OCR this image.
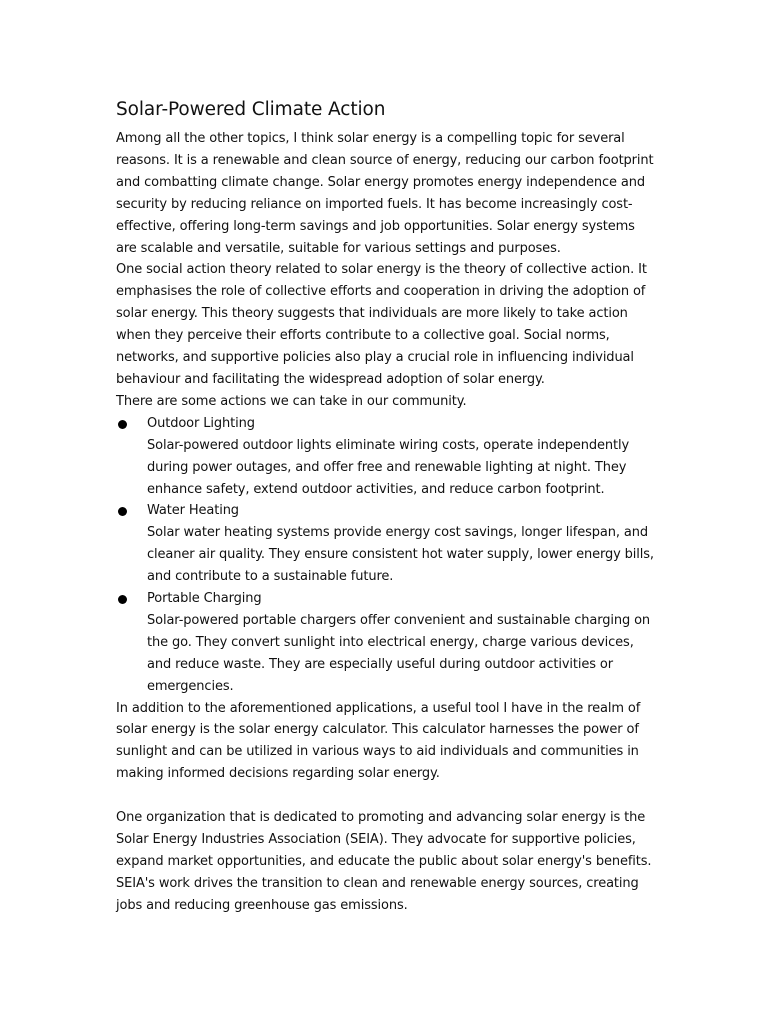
Solar-Powered Climate Action

Among all the other topics, I think solar energy is a compelling topic for several reasons. It is a renewable and clean source of energy, reducing our carbon footprint and combatting climate change. Solar energy promotes energy independence and security by reducing reliance on imported fuels. It has become increasingly cost-effective, offering long-term savings and job opportunities. Solar energy systems are scalable and versatile, suitable for various settings and purposes.

One social action theory related to solar energy is the theory of collective action. It emphasises the role of collective efforts and cooperation in driving the adoption of solar energy. This theory suggests that individuals are more likely to take action when they perceive their efforts contribute to a collective goal. Social norms, networks, and supportive policies also play a crucial role in influencing individual behaviour and facilitating the widespread adoption of solar energy.

There are some actions we can take in our community.

Outdoor Lighting

Solar-powered outdoor lights eliminate wiring costs, operate independently during power outages, and offer free and renewable lighting at night. They enhance safety, extend outdoor activities, and reduce carbon footprint.

Water Heating

Solar water heating systems provide energy cost savings, longer lifespan, and cleaner air quality. They ensure consistent hot water supply, lower energy bills, and contribute to a sustainable future.

Portable Charging

Solar-powered portable chargers offer convenient and sustainable charging on the go. They convert sunlight into electrical energy, charge various devices, and reduce waste. They are especially useful during outdoor activities or emergencies.

In addition to the aforementioned applications, a useful tool I have in the realm of solar energy is the solar energy calculator. This calculator harnesses the power of sunlight and can be utilized in various ways to aid individuals and communities in making informed decisions regarding solar energy.

One organization that is dedicated to promoting and advancing solar energy is the Solar Energy Industries Association (SEIA). They advocate for supportive policies, expand market opportunities, and educate the public about solar energy's benefits. SEIA's work drives the transition to clean and renewable energy sources, creating jobs and reducing greenhouse gas emissions.
